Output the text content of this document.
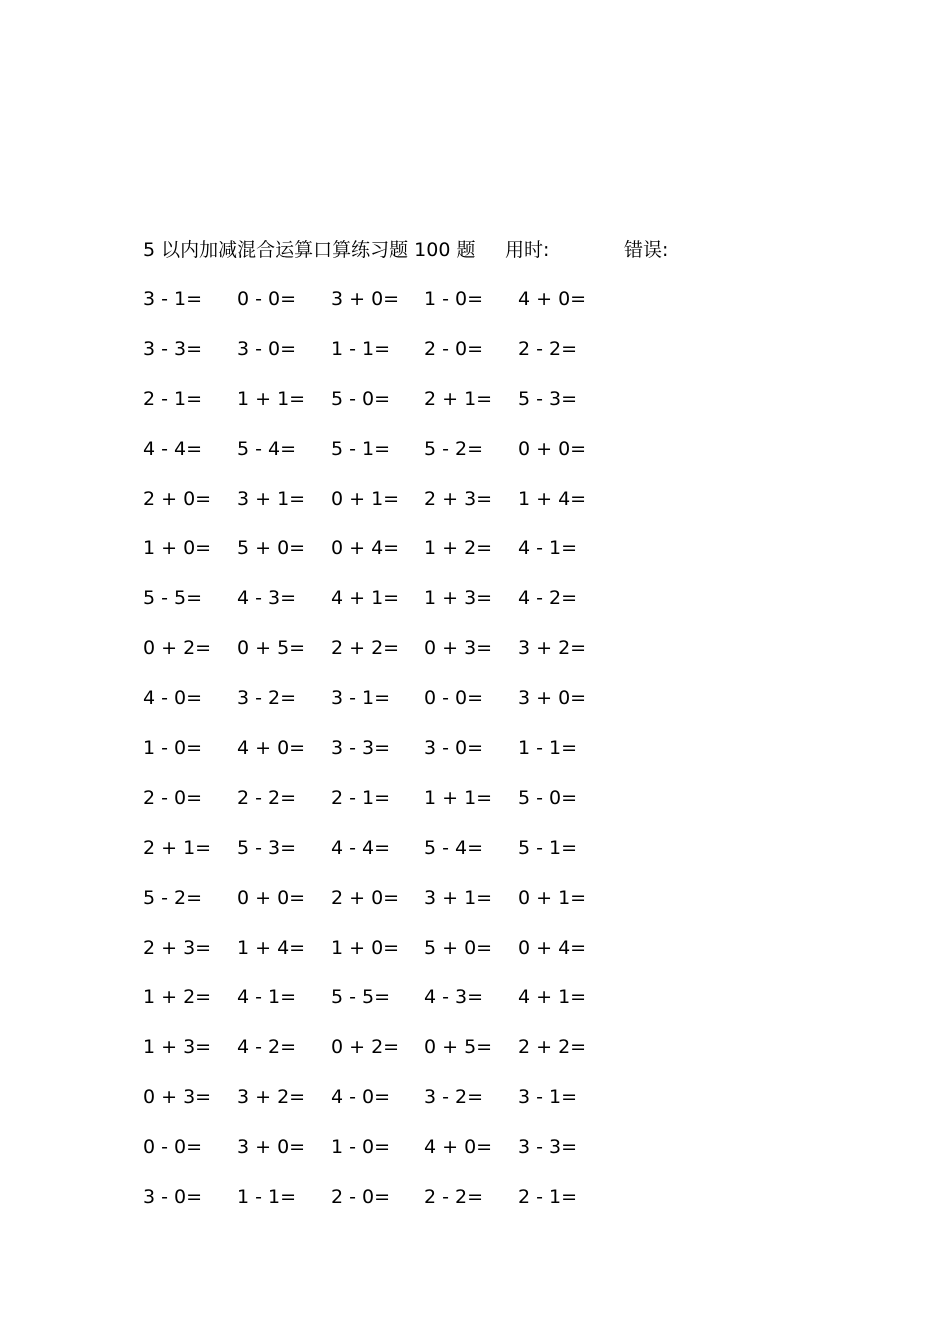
5 以内加减混合运算口算练习题 100 题 用时:	错误:
3 - 1= 0 - 0= 3 + 0= 1 - 0= 4 + 0=
3 - 3= 3 - 0= 1 - 1= 2 - 0= 2 - 2=
2 - 1= 1 + 1= 5 - 0= 2 + 1= 5 - 3=
4 - 4= 5 - 4= 5 - 1= 5 - 2= 0 + 0=
2 + 0= 3 + 1= 0 + 1= 2 + 3= 1 + 4=
1 + 0= 5 + 0= 0 + 4= 1 + 2= 4 - 1=
5 - 5= 4 - 3= 4 + 1= 1 + 3= 4 - 2=
0 + 2= 0 + 5= 2 + 2= 0 + 3= 3 + 2=
4 - 0= 3 - 2= 3 - 1= 0 - 0= 3 + 0=
1 - 0= 4 + 0= 3 - 3= 3 - 0= 1 - 1=
2 - 0= 2 - 2= 2 - 1= 1 + 1= 5 - 0=
2 + 1= 5 - 3= 4 - 4= 5 - 4= 5 - 1=
5 - 2= 0 + 0= 2 + 0= 3 + 1= 0 + 1=
2 + 3= 1 + 4= 1 + 0= 5 + 0= 0 + 4=
1 + 2= 4 - 1= 5 - 5= 4 - 3= 4 + 1=
1 + 3= 4 - 2= 0 + 2= 0 + 5= 2 + 2=
0 + 3= 3 + 2= 4 - 0= 3 - 2= 3 - 1=
0 - 0= 3 + 0= 1 - 0= 4 + 0= 3 - 3=
3 - 0= 1 - 1= 2 - 0= 2 - 2= 2 - 1=
